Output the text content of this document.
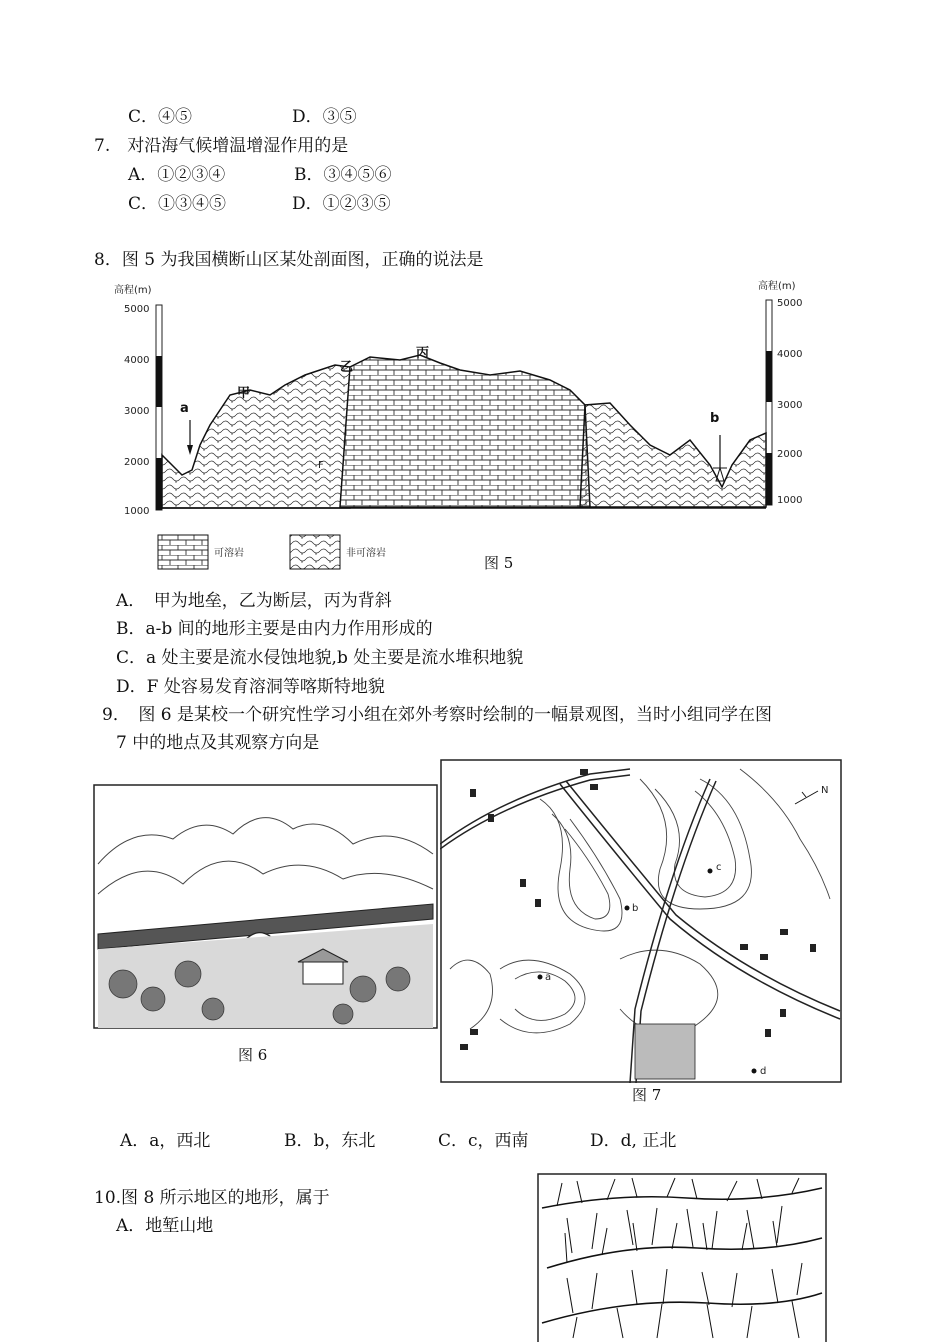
C．④⑤	D．③⑤
7.　对沿海气候增温增湿作用的是
A．①②③④	B．③④⑤⑥
C．①③④⑤	D．①②③⑤
8．图 5 为我国横断山区某处剖面图，正确的说法是
高程(m)
5000
4000
3000
2000
1000
高程(m)
5000
4000
3000
2000
1000
a
甲
乙
丙
F
b
可溶岩	非可溶岩
图 5
A．　甲为地垒，乙为断层，丙为背斜
B．a-b 间的地形主要是由内力作用形成的
C．a 处主要是流水侵蚀地貌,b 处主要是流水堆积地貌
D．F 处容易发育溶洞等喀斯特地貌
9．　图 6 是某校一个研究性学习小组在郊外考察时绘制的一幅景观图，当时小组同学在图
7 中的地点及其观察方向是
图 6
b
a
c
d
N
图 7
A．a，西北	B．b，东北	C．c，西南	D．d, 正北
10.图 8 所示地区的地形，属于
A．地堑山地
